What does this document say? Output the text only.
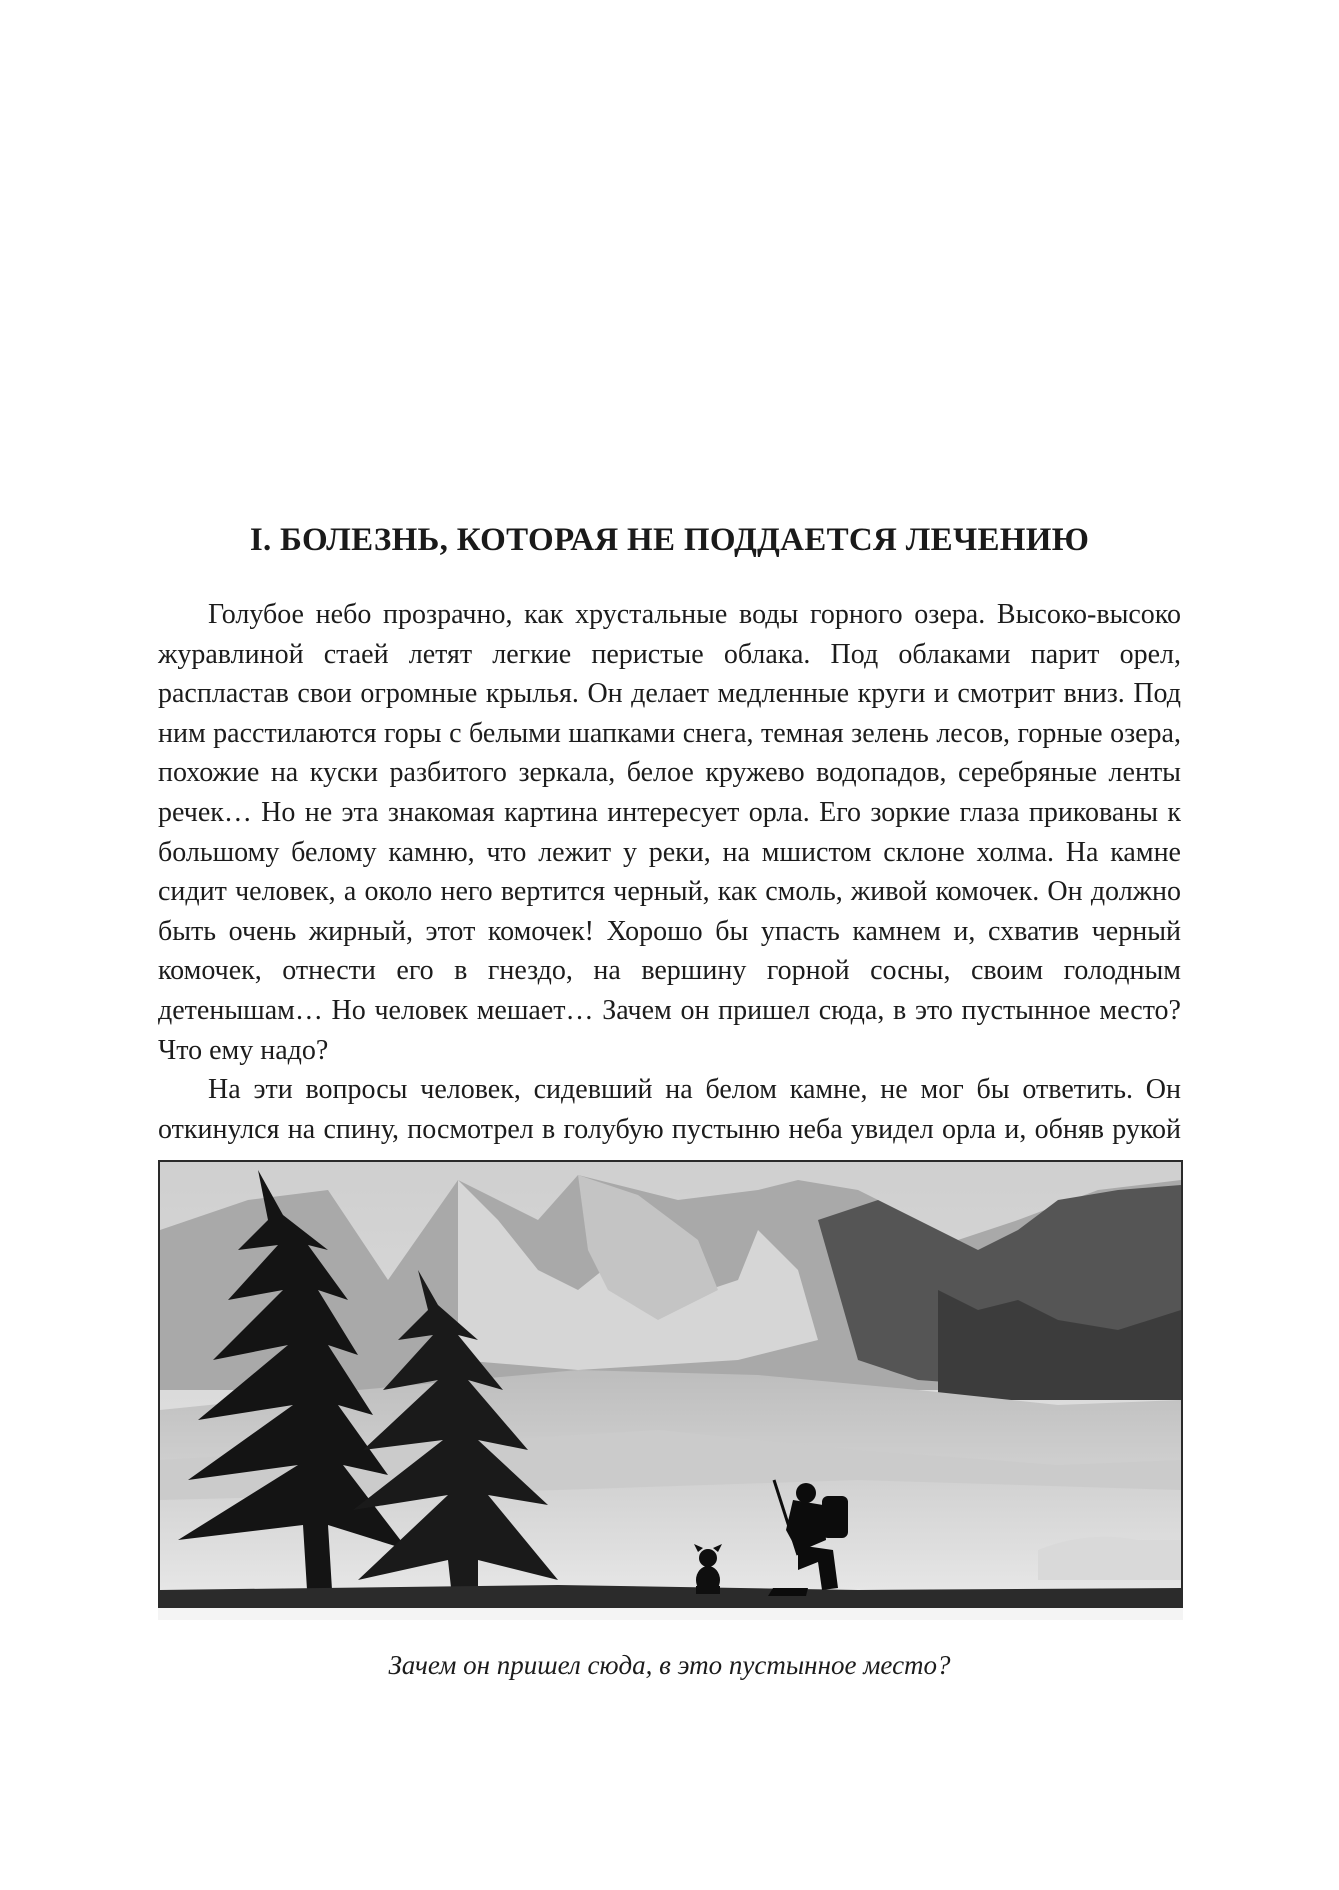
I. БОЛЕЗНЬ, КОТОРАЯ НЕ ПОДДАЕТСЯ ЛЕЧЕНИЮ

Голубое небо прозрачно, как хрустальные воды горного озера. Высоко-высоко журавлиной стаей летят легкие перистые облака. Под облаками парит орел, распластав свои огромные крылья. Он делает медленные круги и смотрит вниз. Под ним расстилаются горы с белыми шапками снега, темная зелень лесов, горные озера, похожие на куски разбитого зеркала, белое кружево водопадов, серебряные ленты речек… Но не эта знакомая картина интересует орла. Его зоркие глаза прикованы к большому белому камню, что лежит у реки, на мшистом склоне холма. На камне сидит человек, а около него вертится черный, как смоль, живой комочек. Он должно быть очень жирный, этот комочек! Хорошо бы упасть камнем и, схватив черный комочек, отнести его в гнездо, на вершину горной сосны, своим голодным детенышам… Но человек мешает… Зачем он пришел сюда, в это пустынное место? Что ему надо?

На эти вопросы человек, сидевший на белом камне, не мог бы ответить. Он откинулся на спину, посмотрел в голубую пустыню неба увидел орла и, обняв рукой

Зачем он пришел сюда, в это пустынное место?
